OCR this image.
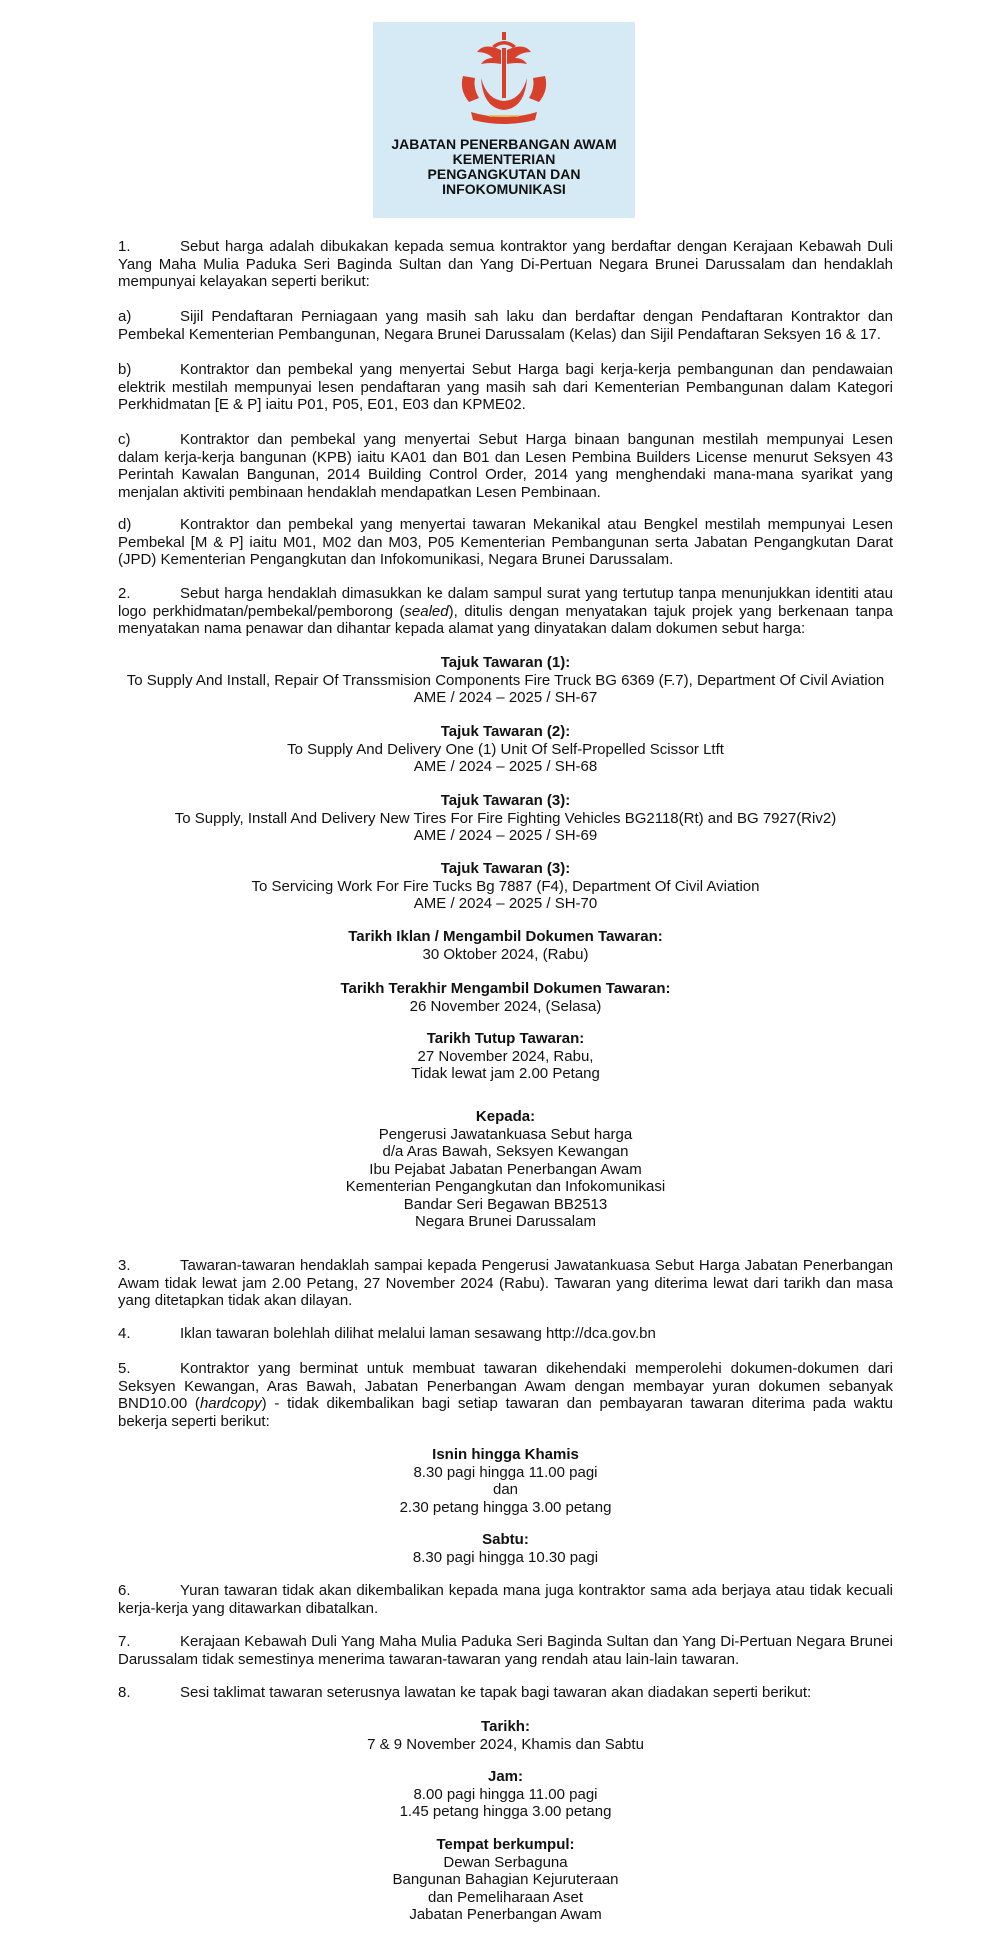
JABATAN PENERBANGAN AWAM
KEMENTERIAN
PENGANGKUTAN DAN
INFOKOMUNIKASI

1.	Sebut harga adalah dibukakan kepada semua kontraktor yang berdaftar dengan Kerajaan Kebawah Duli Yang Maha Mulia Paduka Seri Baginda Sultan dan Yang Di-Pertuan Negara Brunei Darussalam dan hendaklah mempunyai kelayakan seperti berikut:

a)	Sijil Pendaftaran Perniagaan yang masih sah laku dan berdaftar dengan Pendaftaran Kontraktor dan Pembekal Kementerian Pembangunan, Negara Brunei Darussalam (Kelas) dan Sijil Pendaftaran Seksyen 16 & 17.

b)	Kontraktor dan pembekal yang menyertai Sebut Harga bagi kerja-kerja pembangunan dan pendawaian elektrik mestilah mempunyai lesen pendaftaran yang masih sah dari Kementerian Pembangunan dalam Kategori Perkhidmatan [E & P] iaitu P01, P05, E01, E03 dan KPME02.

c)	Kontraktor dan pembekal yang menyertai Sebut Harga binaan bangunan mestilah mempunyai Lesen dalam kerja-kerja bangunan (KPB) iaitu KA01 dan B01 dan Lesen Pembina Builders License menurut Seksyen 43 Perintah Kawalan Bangunan, 2014 Building Control Order, 2014 yang menghendaki mana-mana syarikat yang menjalan aktiviti pembinaan hendaklah mendapatkan Lesen Pembinaan.

d)	Kontraktor dan pembekal yang menyertai tawaran Mekanikal atau Bengkel mestilah mempunyai Lesen Pembekal [M & P] iaitu M01, M02 dan M03, P05 Kementerian Pembangunan serta Jabatan Pengangkutan Darat (JPD) Kementerian Pengangkutan dan Infokomunikasi, Negara Brunei Darussalam.

2.	Sebut harga hendaklah dimasukkan ke dalam sampul surat yang tertutup tanpa menunjukkan identiti atau logo perkhidmatan/pembekal/pemborong (sealed), ditulis dengan menyatakan tajuk projek yang berkenaan tanpa menyatakan nama penawar dan dihantar kepada alamat yang dinyatakan dalam dokumen sebut harga:

Tajuk Tawaran (1):
To Supply And Install, Repair Of Transsmision Components Fire Truck BG 6369 (F.7), Department Of Civil Aviation
AME / 2024 – 2025 / SH-67
Tajuk Tawaran (2):
To Supply And Delivery One (1) Unit Of Self-Propelled Scissor Ltft
AME / 2024 – 2025 / SH-68
Tajuk Tawaran (3):
To Supply, Install And Delivery New Tires For Fire Fighting Vehicles BG2118(Rt) and BG 7927(Riv2)
AME / 2024 – 2025 / SH-69
Tajuk Tawaran (3):
To Servicing Work For Fire Tucks Bg 7887 (F4), Department Of Civil Aviation
AME / 2024 – 2025 / SH-70
Tarikh Iklan / Mengambil Dokumen Tawaran:
30 Oktober 2024, (Rabu)
Tarikh Terakhir Mengambil Dokumen Tawaran:
26 November 2024, (Selasa)
Tarikh Tutup Tawaran:
27 November 2024, Rabu,
Tidak lewat jam 2.00 Petang
Kepada:
Pengerusi Jawatankuasa Sebut harga
d/a Aras Bawah, Seksyen Kewangan
Ibu Pejabat Jabatan Penerbangan Awam
Kementerian Pengangkutan dan Infokomunikasi
Bandar Seri Begawan BB2513
Negara Brunei Darussalam

3.	Tawaran-tawaran hendaklah sampai kepada Pengerusi Jawatankuasa Sebut Harga Jabatan Penerbangan Awam tidak lewat jam 2.00 Petang, 27 November 2024 (Rabu). Tawaran yang diterima lewat dari tarikh dan masa yang ditetapkan tidak akan dilayan.

4.	Iklan tawaran bolehlah dilihat melalui laman sesawang http://dca.gov.bn

5.	Kontraktor yang berminat untuk membuat tawaran dikehendaki memperolehi dokumen-dokumen dari Seksyen Kewangan, Aras Bawah, Jabatan Penerbangan Awam dengan membayar yuran dokumen sebanyak BND10.00 (hardcopy) - tidak dikembalikan bagi setiap tawaran dan pembayaran tawaran diterima pada waktu bekerja seperti berikut:

Isnin hingga Khamis
8.30 pagi hingga 11.00 pagi
dan
2.30 petang hingga 3.00 petang
Sabtu:
8.30 pagi hingga 10.30 pagi

6.	Yuran tawaran tidak akan dikembalikan kepada mana juga kontraktor sama ada berjaya atau tidak kecuali kerja-kerja yang ditawarkan dibatalkan.

7.	Kerajaan Kebawah Duli Yang Maha Mulia Paduka Seri Baginda Sultan dan Yang Di-Pertuan Negara Brunei Darussalam tidak semestinya menerima tawaran-tawaran yang rendah atau lain-lain tawaran.

8.	Sesi taklimat tawaran seterusnya lawatan ke tapak bagi tawaran akan diadakan seperti berikut:

Tarikh:
7 & 9 November 2024, Khamis dan Sabtu
Jam:
8.00 pagi hingga 11.00 pagi
1.45 petang hingga 3.00 petang
Tempat berkumpul:
Dewan Serbaguna
Bangunan Bahagian Kejuruteraan
dan Pemeliharaan Aset
Jabatan Penerbangan Awam
